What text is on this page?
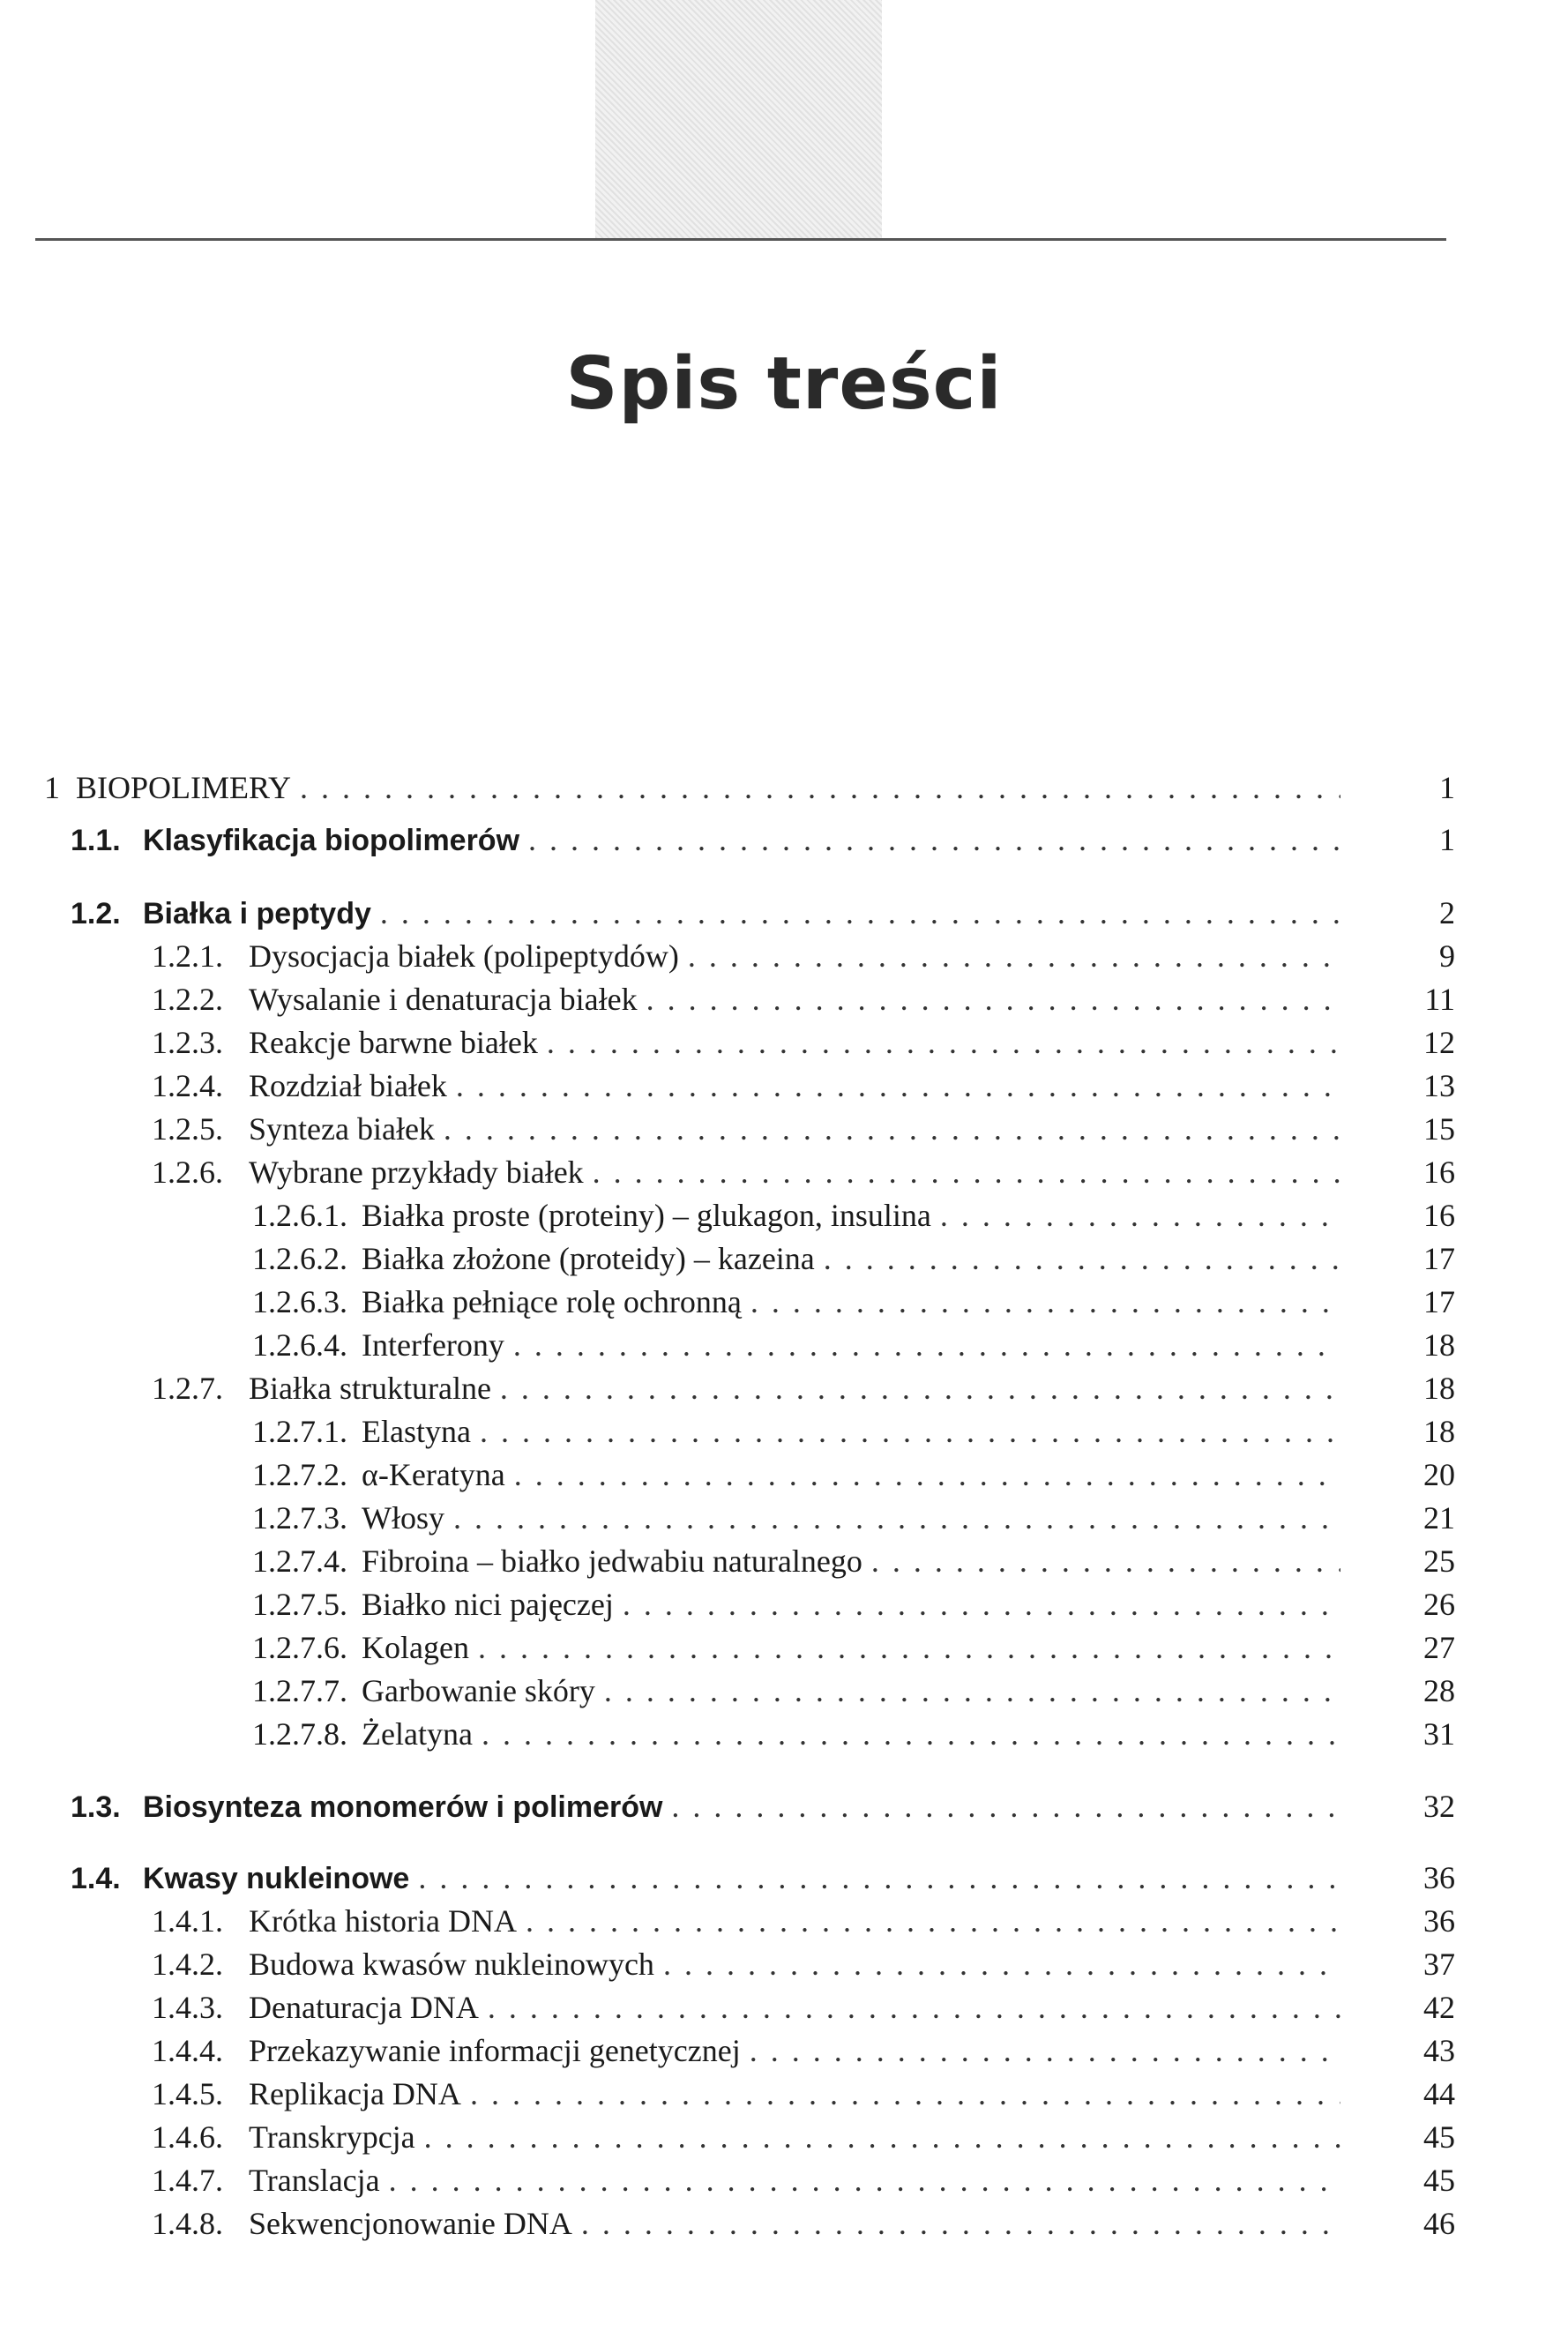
Spis treści
1 BIOPOLIMERY . . .	1
1.1. Klasyfikacja biopolimerów . . .	1
1.2. Białka i peptydy . . .	2
1.2.1. Dysocjacja białek (polipeptydów) . . .	9
1.2.2. Wysalanie i denaturacja białek . . .	11
1.2.3. Reakcje barwne białek . . .	12
1.2.4. Rozdział białek . . .	13
1.2.5. Synteza białek . . .	15
1.2.6. Wybrane przykłady białek . . .	16
1.2.6.1. Białka proste (proteiny) – glukagon, insulina . . .	16
1.2.6.2. Białka złożone (proteidy) – kazeina . . .	17
1.2.6.3. Białka pełniące rolę ochronną . . .	17
1.2.6.4. Interferony . . .	18
1.2.7. Białka strukturalne . . .	18
1.2.7.1. Elastyna . . .	18
1.2.7.2. α-Keratyna . . .	20
1.2.7.3. Włosy . . .	21
1.2.7.4. Fibroina – białko jedwabiu naturalnego . . .	25
1.2.7.5. Białko nici pajęczej . . .	26
1.2.7.6. Kolagen . . .	27
1.2.7.7. Garbowanie skóry . . .	28
1.2.7.8. Żelatyna . . .	31
1.3. Biosynteza monomerów i polimerów . . .	32
1.4. Kwasy nukleinowe . . .	36
1.4.1. Krótka historia DNA . . .	36
1.4.2. Budowa kwasów nukleinowych . . .	37
1.4.3. Denaturacja DNA . . .	42
1.4.4. Przekazywanie informacji genetycznej . . .	43
1.4.5. Replikacja DNA . . .	44
1.4.6. Transkrypcja . . .	45
1.4.7. Translacja . . .	45
1.4.8. Sekwencjonowanie DNA . . .	46
